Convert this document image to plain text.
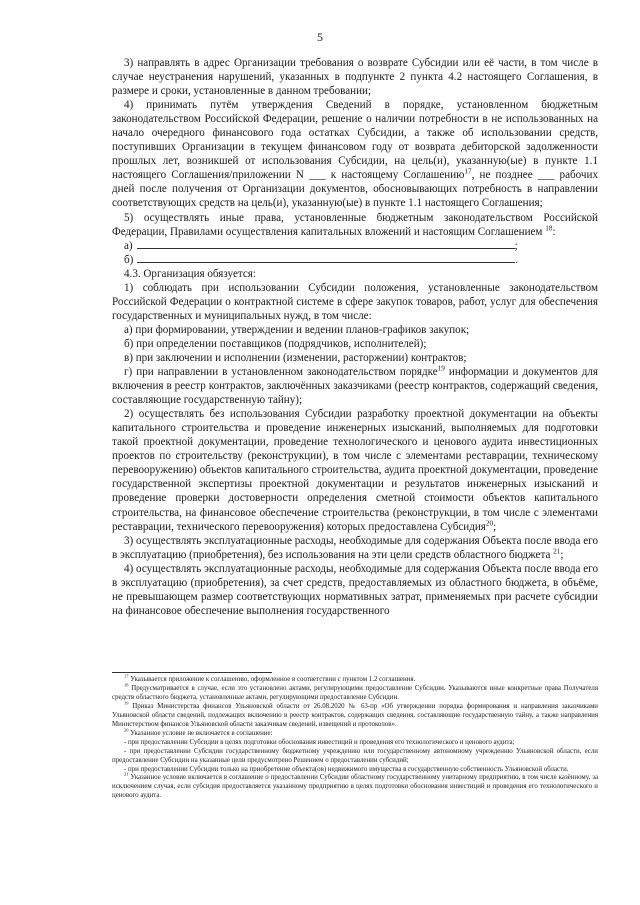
5

3) направлять в адрес Организации требования о возврате Субсидии или её части, в том числе в случае неустранения нарушений, указанных в подпункте 2 пункта 4.2 настоящего Соглашения, в размере и сроки, установленные в данном требовании;

4) принимать путём утверждения Сведений в порядке, установленном бюджетным законодательством Российской Федерации, решение о наличии потребности в не использованных на начало очередного финансового года остатках Субсидии, а также об использовании средств, поступивших Организации в текущем финансовом году от возврата дебиторской задолженности прошлых лет, возникшей от использования Субсидии, на цель(и), указанную(ые) в пункте 1.1 настоящего Соглашения/приложении N ___ к настоящему Соглашению$^{17}$, не позднее ___ рабочих дней после получения от Организации документов, обосновывающих потребность в направлении соответствующих средств на цель(и), указанную(ые) в пункте 1.1 настоящего Соглашения;

5) осуществлять иные права, установленные бюджетным законодательством Российской Федерации, Правилами осуществления капитальных вложений и настоящим Соглашением $^{18}$:

а)	;

б)	.

4.3. Организация обязуется:

1) соблюдать при использовании Субсидии положения, установленные законодательством Российской Федерации о контрактной системе в сфере закупок товаров, работ, услуг для обеспечения государственных и муниципальных нужд, в том числе:

а) при формировании, утверждении и ведении планов-графиков закупок;

б) при определении поставщиков (подрядчиков, исполнителей);

в) при заключении и исполнении (изменении, расторжении) контрактов;

г) при направлении в установленном законодательством порядке$^{19}$ информации и документов для включения в реестр контрактов, заключённых заказчиками (реестр контрактов, содержащий сведения, составляющие государственную тайну);

2) осуществлять без использования Субсидии разработку проектной документации на объекты капитального строительства и проведение инженерных изысканий, выполняемых для подготовки такой проектной документации, проведение технологического и ценового аудита инвестиционных проектов по строительству (реконструкции), в том числе с элементами реставрации, техническому перевооружению) объектов капитального строительства, аудита проектной документации, проведение государственной экспертизы проектной документации и результатов инженерных изысканий и проведение проверки достоверности определения сметной стоимости объектов капитального строительства, на финансовое обеспечение строительства (реконструкции, в том числе с элементами реставрации, технического перевооружения) которых предоставлена Субсидия$^{20}$;

3) осуществлять эксплуатационные расходы, необходимые для содержания Объекта после ввода его в эксплуатацию (приобретения), без использования на эти цели средств областного бюджета $^{21}$;

4) осуществлять эксплуатационные расходы, необходимые для содержания Объекта после ввода его в эксплуатацию (приобретения), за счет средств, предоставляемых из областного бюджета, в объёме, не превышающем размер соответствующих нормативных затрат, применяемых при расчете субсидии на финансовое обеспечение выполнения государственного

$^{17}$ Указывается приложение к соглашению, оформленное в соответствии с пунктом 1.2 соглашения.

$^{18}$ Предусматривается в случае, если это установлено актами, регулирующими предоставление Субсидии. Указываются иные конкретные права Получателя средств областного бюджета, установленные актами, регулирующими предоставление Субсидии.

$^{19}$ Приказ Министерства финансов Ульяновской области от 26.08.2020 № 63-пр «Об утверждении порядка формирования и направления заказчиками Ульяновской области сведений, подлежащих включению в реестр контрактов, содержащих сведения, составляющие государственную тайну, а также направления Министерством финансов Ульяновской области заказчикам сведений, извещений и протоколов».

$^{20}$ Указанное условие не включается в соглашение:

- при предоставлении Субсидии в целях подготовки обоснования инвестиций и проведения его технологического и ценового аудита;

- при предоставлении Субсидии государственному бюджетному учреждению или государственному автономному учреждению Ульяновской области, если предоставление Субсидии на указанные цели предусмотрено Решением о предоставлении субсидий;

- при предоставлении Субсидии только на приобретение объекта(ов) недвижимого имущества в государственную собственность Ульяновской области.

$^{21}$ Указанное условие включается в соглашение о предоставлении Субсидии областному государственному унитарному предприятию, в том числе казённому, за исключением случая, если субсидия предоставляется указанному предприятию в целях подготовки обоснования инвестиций и проведения его технологического и ценового аудита.
